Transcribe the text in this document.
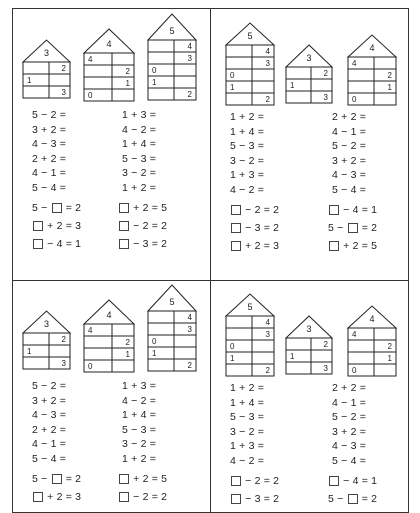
3
2
1
3
4
4
2
1
0
5
4
3
0
1
2
5 − 2 =
3 + 2 =
4 − 3 =
2 + 2 =
4 − 1 =
5 − 4 =
1 + 3 =
4 − 2 =
1 + 4 =
5 − 3 =
3 − 2 =
1 + 2 =
5 −  = 2	+ 2 = 5
+ 2 = 3	− 2 = 2
− 4 = 1	− 3 = 2
5
4
3
0
1
2
3
2
1
3
4
4
2
1
0
1 + 2 =
1 + 4 =
5 − 3 =
3 − 2 =
1 + 3 =
4 − 2 =
2 + 2 =
4 − 1 =
5 − 2 =
3 + 2 =
4 − 3 =
5 − 4 =
− 2 = 2	− 4 = 1
− 3 = 2	5 −  = 2
+ 2 = 3	+ 2 = 5
3
2
1
3
4
4
2
1
0
5
4
3
0
1
2
5 − 2 =
3 + 2 =
4 − 3 =
2 + 2 =
4 − 1 =
5 − 4 =
1 + 3 =
4 − 2 =
1 + 4 =
5 − 3 =
3 − 2 =
1 + 2 =
5 −  = 2	+ 2 = 5
+ 2 = 3	− 2 = 2
5
4
3
0
1
2
3
2
1
3
4
4
2
1
0
1 + 2 =
1 + 4 =
5 − 3 =
3 − 2 =
1 + 3 =
4 − 2 =
2 + 2 =
4 − 1 =
5 − 2 =
3 + 2 =
4 − 3 =
5 − 4 =
− 2 = 2	− 4 = 1
− 3 = 2	5 −  = 2
